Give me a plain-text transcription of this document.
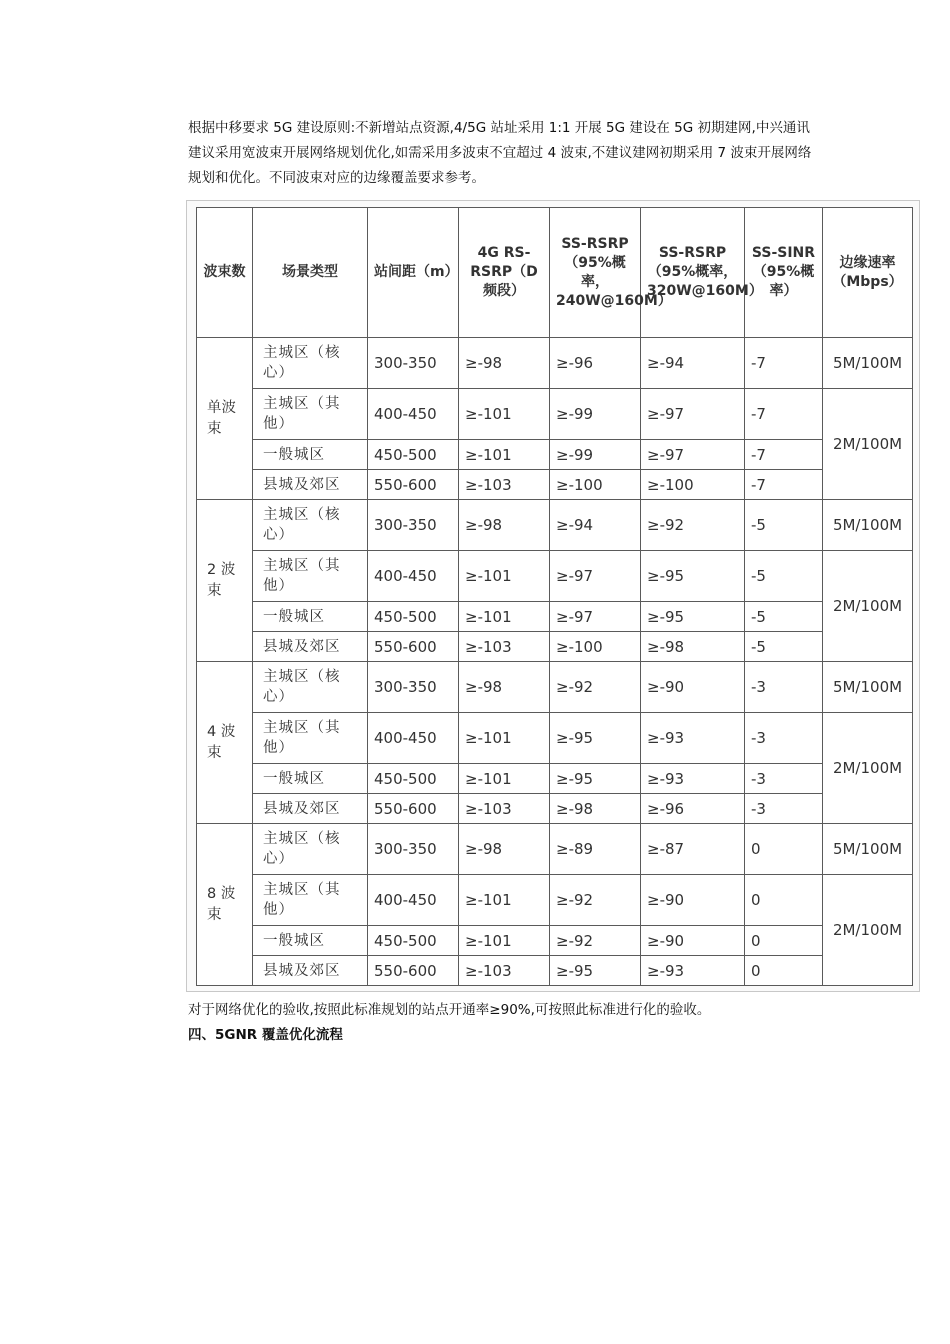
根据中移要求 5G 建设原则:不新增站点资源,4/5G 站址采用 1:1 开展 5G 建设在 5G 初期建网,中兴通讯建议采用宽波束开展网络规划优化,如需采用多波束不宜超过 4 波束,不建议建网初期采用 7 波束开展网络规划和优化。不同波束对应的边缘覆盖要求参考。

波束数	场景类型	站间距（m）	4G RS-RSRP（D 频段）	SS-RSRP（95%概率，240W@160M）	SS-RSRP（95%概率，320W@160M）	SS-SINR（95%概率）	边缘速率（Mbps）
单波束	主城区（核心）	300-350	≥-98	≥-96	≥-94	-7	5M/100M
	主城区（其他）	400-450	≥-101	≥-99	≥-97	-7	2M/100M
	一般城区	450-500	≥-101	≥-99	≥-97	-7	
	县城及郊区	550-600	≥-103	≥-100	≥-100	-7	
2 波束	主城区（核心）	300-350	≥-98	≥-94	≥-92	-5	5M/100M
	主城区（其他）	400-450	≥-101	≥-97	≥-95	-5	2M/100M
	一般城区	450-500	≥-101	≥-97	≥-95	-5	
	县城及郊区	550-600	≥-103	≥-100	≥-98	-5	
4 波束	主城区（核心）	300-350	≥-98	≥-92	≥-90	-3	5M/100M
	主城区（其他）	400-450	≥-101	≥-95	≥-93	-3	2M/100M
	一般城区	450-500	≥-101	≥-95	≥-93	-3	
	县城及郊区	550-600	≥-103	≥-98	≥-96	-3	
8 波束	主城区（核心）	300-350	≥-98	≥-89	≥-87	0	5M/100M
	主城区（其他）	400-450	≥-101	≥-92	≥-90	0	2M/100M
	一般城区	450-500	≥-101	≥-92	≥-90	0	
	县城及郊区	550-600	≥-103	≥-95	≥-93	0	

对于网络优化的验收,按照此标准规划的站点开通率≥90%,可按照此标准进行化的验收。

四、5GNR 覆盖优化流程
